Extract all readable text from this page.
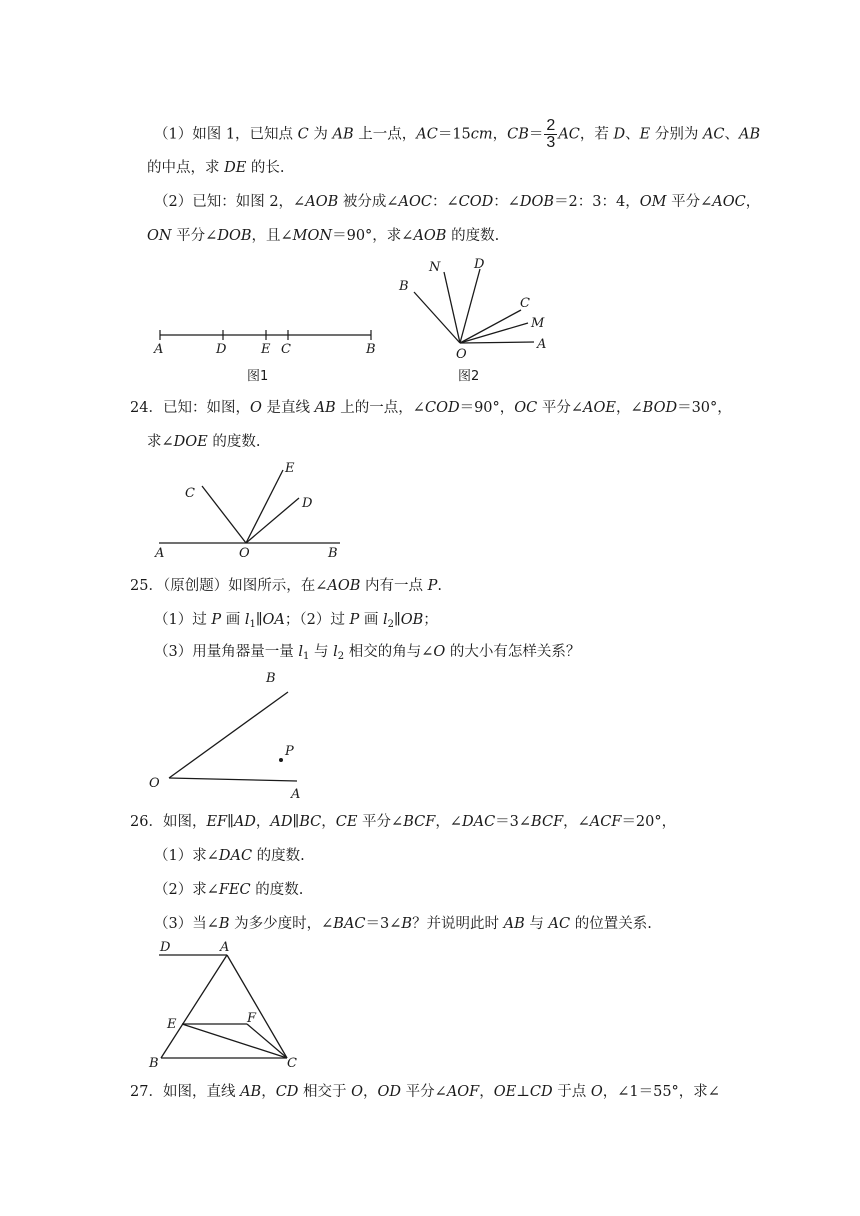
（1）如图 1，已知点 C 为 AB 上一点，AC＝15cm，$CB= \frac{2}{3}$ AC，若 D、E 分别为 AC、AB
的中点，求 DE 的长.
（2）已知：如图 2，∠AOB 被分成∠AOC：∠COD：∠DOB＝2：3：4，OM 平分∠AOC，
ON 平分∠DOB，且∠MON＝90°，求∠AOB 的度数.
A	D	E C	B
图1
B
N	D
C
M
O
A
图2
24．已知：如图，O 是直线 AB 上的一点，∠COD＝90°，OC 平分∠AOE，∠BOD＝30°，
求∠DOE 的度数.
C
E
D
A	O	B
25．（原创题）如图所示，在∠AOB 内有一点 P.
（1）过 P 画 $l_1\parallel OA$；（2）过 P 画 $l_2\parallel OB$；
（3）用量角器量一量 $l_1$ 与 $l_2$ 相交的角与∠O 的大小有怎样关系？
B
P
O
A
26．如图，EF∥AD，AD∥BC，CE 平分∠BCF，∠DAC＝3∠BCF，∠ACF＝20°，
（1）求∠DAC 的度数.
（2）求∠FEC 的度数.
（3）当∠B 为多少度时，∠BAC＝3∠B？并说明此时 AB 与 AC 的位置关系.
D	A
E	F
B	C
27．如图，直线 AB，CD 相交于 O，OD 平分∠AOF，OE⊥CD 于点 O，∠1＝55°，求∠
